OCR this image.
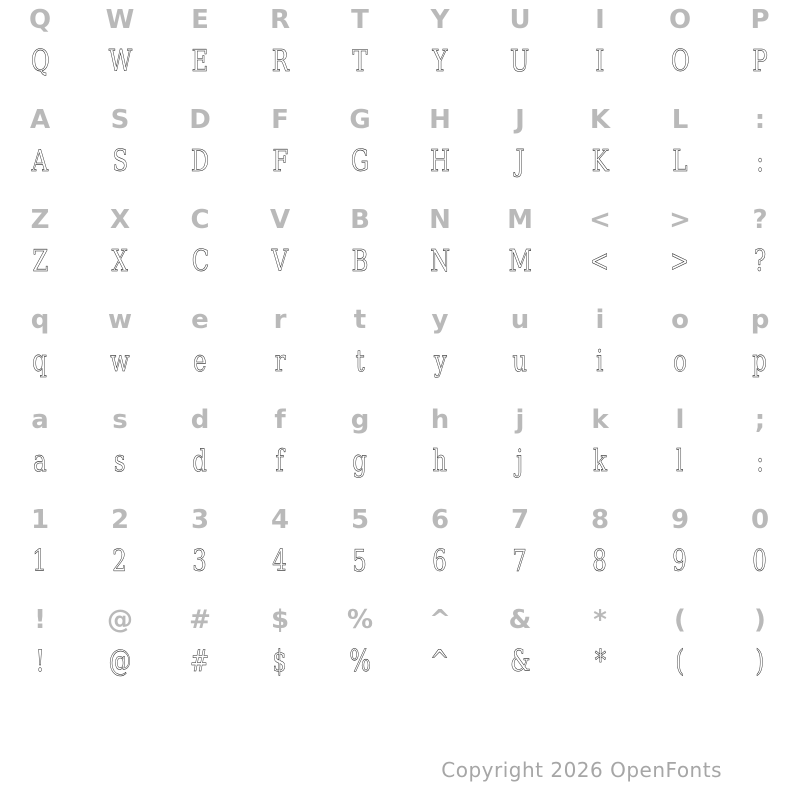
Q	W	E	R	T	Y	U	I	O	P
Q	W	E	R	T	Y	U	I	O	P
A	S	D	F	G	H	J	K	L	:
A	S	D	F	G	H	J	K	L	:
Z	X	C	V	B	N	M	<	>	?
Z	X	C	V	B	N	M	<	>	?
q	w	e	r	t	y	u	i	o	p
q	w	e	r	t	y	u	i	o	p
a	s	d	f	g	h	j	k	l	;
a	s	d	f	g	h	j	k	l	:
1	2	3	4	5	6	7	8	9	0
1	2	3	4	5	6	7	8	9	0
!	@	#	$	%	^	&	*	(	)
!	@	#	$	%	^	&	*	(	)
Copyright 2026 OpenFonts
